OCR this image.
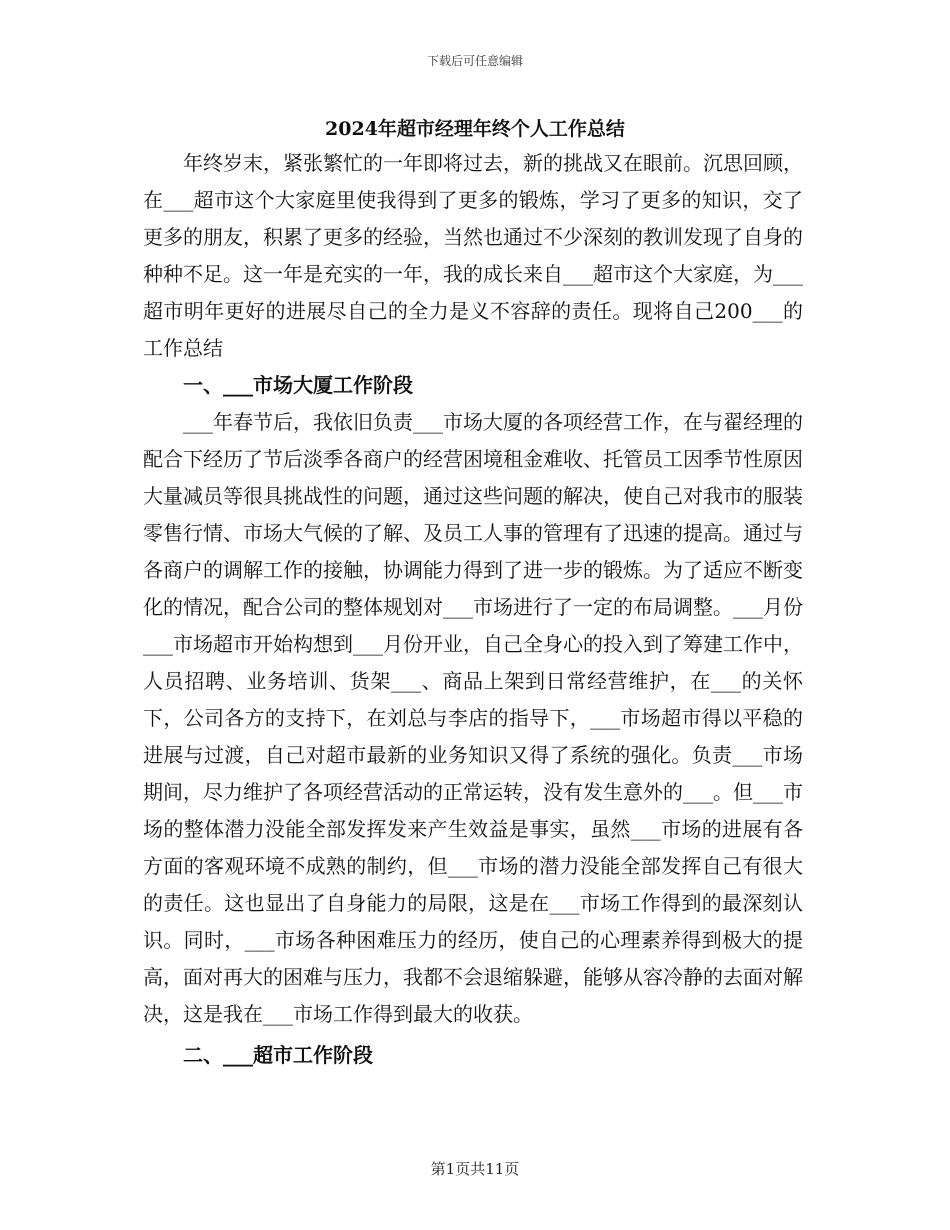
下载后可任意编辑
2024年超市经理年终个人工作总结

年终岁末，紧张繁忙的一年即将过去，新的挑战又在眼前。沉思回顾，在___超市这个大家庭里使我得到了更多的锻炼，学习了更多的知识，交了更多的朋友，积累了更多的经验，当然也通过不少深刻的教训发现了自身的种种不足。这一年是充实的一年，我的成长来自___超市这个大家庭，为___超市明年更好的进展尽自己的全力是义不容辞的责任。现将自己200___的工作总结

一、___市场大厦工作阶段

___年春节后，我依旧负责___市场大厦的各项经营工作，在与翟经理的配合下经历了节后淡季各商户的经营困境租金难收、托管员工因季节性原因大量减员等很具挑战性的问题，通过这些问题的解决，使自己对我市的服装零售行情、市场大气候的了解、及员工人事的管理有了迅速的提高。通过与各商户的调解工作的接触，协调能力得到了进一步的锻炼。为了适应不断变化的情况，配合公司的整体规划对___市场进行了一定的布局调整。___月份___市场超市开始构想到___月份开业，自己全身心的投入到了筹建工作中，人员招聘、业务培训、货架___、商品上架到日常经营维护，在___的关怀下，公司各方的支持下，在刘总与李店的指导下，___市场超市得以平稳的进展与过渡，自己对超市最新的业务知识又得了系统的强化。负责___市场期间，尽力维护了各项经营活动的正常运转，没有发生意外的___。但___市场的整体潜力没能全部发挥发来产生效益是事实，虽然___市场的进展有各方面的客观环境不成熟的制约，但___市场的潜力没能全部发挥自己有很大的责任。这也显出了自身能力的局限，这是在___市场工作得到的最深刻认识。同时，___市场各种困难压力的经历，使自己的心理素养得到极大的提高，面对再大的困难与压力，我都不会退缩躲避，能够从容冷静的去面对解决，这是我在___市场工作得到最大的收获。

二、___超市工作阶段
第1页共11页
